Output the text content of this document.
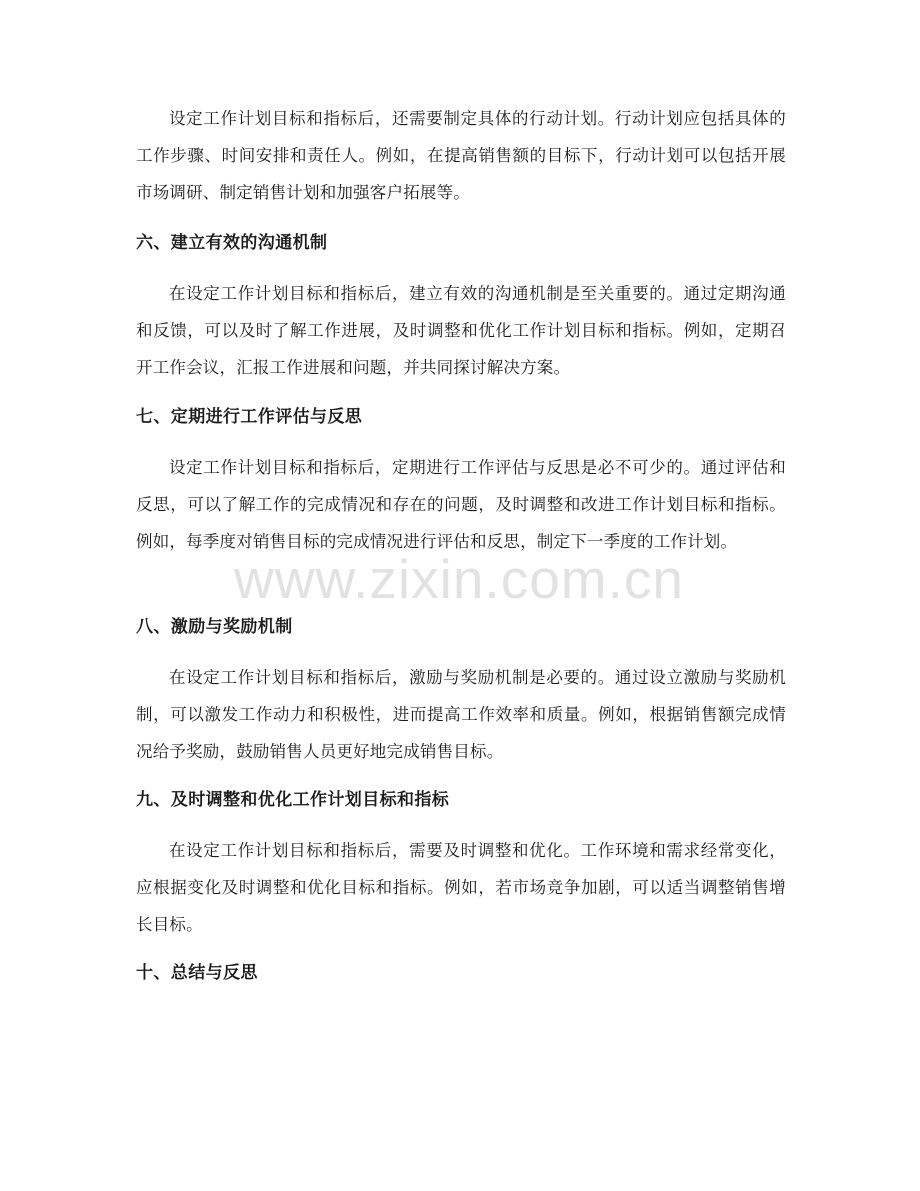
设定工作计划目标和指标后，还需要制定具体的行动计划。行动计划应包括具体的工作步骤、时间安排和责任人。例如，在提高销售额的目标下，行动计划可以包括开展市场调研、制定销售计划和加强客户拓展等。

六、建立有效的沟通机制

在设定工作计划目标和指标后，建立有效的沟通机制是至关重要的。通过定期沟通和反馈，可以及时了解工作进展，及时调整和优化工作计划目标和指标。例如，定期召开工作会议，汇报工作进展和问题，并共同探讨解决方案。

七、定期进行工作评估与反思

设定工作计划目标和指标后，定期进行工作评估与反思是必不可少的。通过评估和反思，可以了解工作的完成情况和存在的问题，及时调整和改进工作计划目标和指标。例如，每季度对销售目标的完成情况进行评估和反思，制定下一季度的工作计划。

八、激励与奖励机制

在设定工作计划目标和指标后，激励与奖励机制是必要的。通过设立激励与奖励机制，可以激发工作动力和积极性，进而提高工作效率和质量。例如，根据销售额完成情况给予奖励，鼓励销售人员更好地完成销售目标。

九、及时调整和优化工作计划目标和指标

在设定工作计划目标和指标后，需要及时调整和优化。工作环境和需求经常变化，应根据变化及时调整和优化目标和指标。例如，若市场竞争加剧，可以适当调整销售增长目标。

十、总结与反思
www.zixin.com.cn
